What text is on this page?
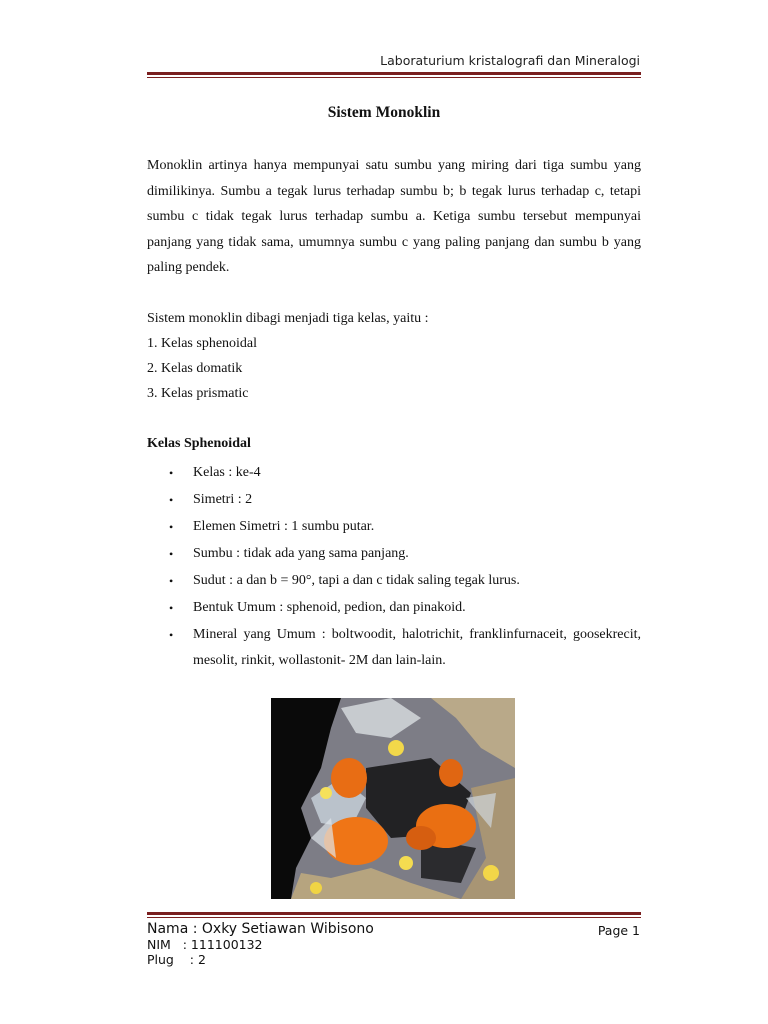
Laboraturium kristalografi dan Mineralogi
Sistem Monoklin
Monoklin artinya hanya mempunyai satu sumbu yang miring dari tiga sumbu yang dimilikinya. Sumbu a tegak lurus terhadap sumbu b; b tegak lurus terhadap c, tetapi sumbu c tidak tegak lurus terhadap sumbu a. Ketiga sumbu tersebut mempunyai panjang yang tidak sama, umumnya sumbu c yang paling panjang dan sumbu b yang paling pendek.
Sistem monoklin dibagi menjadi tiga kelas, yaitu :
1. Kelas sphenoidal
2. Kelas domatik
3. Kelas prismatic
Kelas Sphenoidal
• Kelas : ke-4
• Simetri : 2
• Elemen Simetri : 1 sumbu putar.
• Sumbu : tidak ada yang sama panjang.
• Sudut : a dan b = 90°, tapi a dan c tidak saling tegak lurus.
• Bentuk Umum : sphenoid, pedion, dan pinakoid.
• Mineral yang Umum : boltwoodit, halotrichit, franklinfurnaceit, goosekrecit, mesolit, rinkit, wollastonit- 2M dan lain-lain.
Nama : Oxky Setiawan Wibisono
NIM   : 111100132
Plug    : 2
Page 1
